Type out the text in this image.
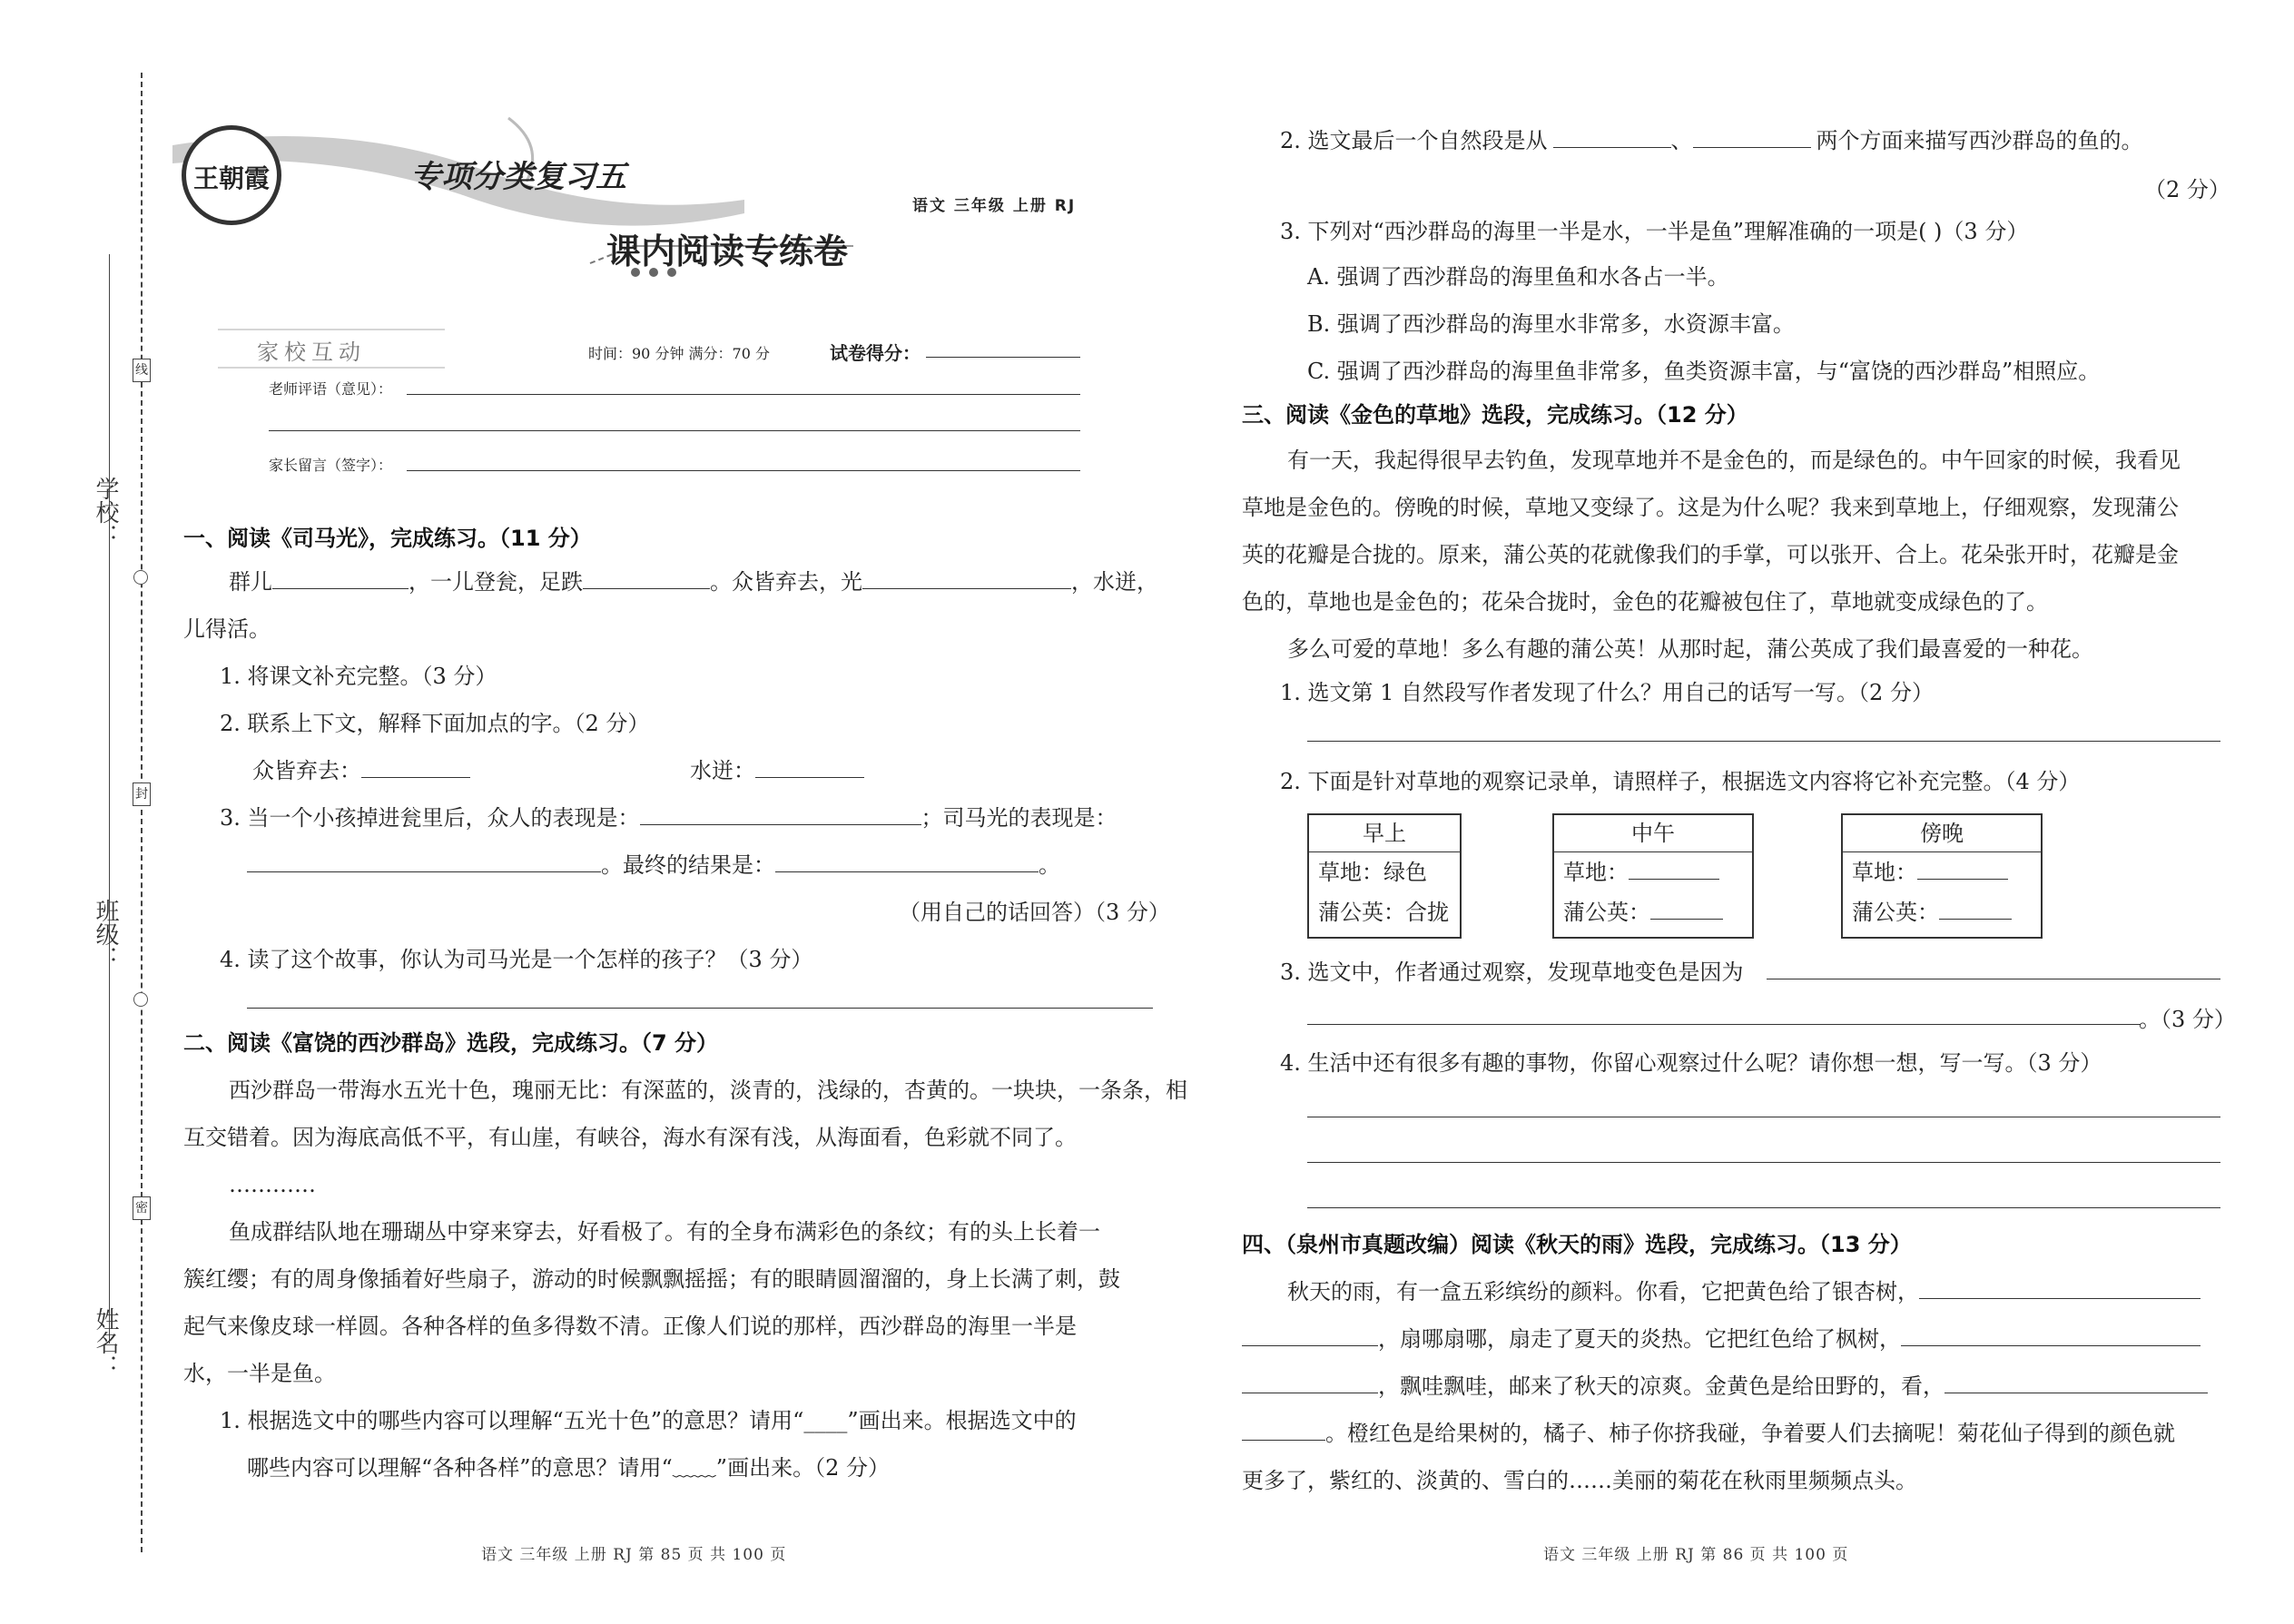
学校：
班级：
姓名：
线
封
密
王朝霞	专项分类复习五
语文 三年级 上册 RJ
课内阅读专练卷
家校互动	时间：90 分钟 满分：70 分	试卷得分：
老师评语（意见）：
家长留言（签字）：
一、阅读《司马光》，完成练习。（11 分）
群儿	，一儿登瓮，足跌	。众皆弃去，光	，水迸，
儿得活。
1. 将课文补充完整。（3 分）
2. 联系上下文，解释下面加点的字。（2 分）
众皆弃去：	水迸：
3. 当一个小孩掉进瓮里后，众人的表现是：	；司马光的表现是：
。最终的结果是：	。
（用自己的话回答）（3 分）
4. 读了这个故事，你认为司马光是一个怎样的孩子？（3 分）
二、阅读《富饶的西沙群岛》选段，完成练习。（7 分）
西沙群岛一带海水五光十色，瑰丽无比：有深蓝的，淡青的，浅绿的，杏黄的。一块块，一条条，相
互交错着。因为海底高低不平，有山崖，有峡谷，海水有深有浅，从海面看，色彩就不同了。
…………
鱼成群结队地在珊瑚丛中穿来穿去，好看极了。有的全身布满彩色的条纹；有的头上长着一
簇红缨；有的周身像插着好些扇子，游动的时候飘飘摇摇；有的眼睛圆溜溜的，身上长满了刺，鼓
起气来像皮球一样圆。各种各样的鱼多得数不清。正像人们说的那样，西沙群岛的海里一半是
水，一半是鱼。
1. 根据选文中的哪些内容可以理解“五光十色”的意思？请用“____”画出来。根据选文中的
哪些内容可以理解“各种各样”的意思？请用“﹏﹏”画出来。（2 分）
语文 三年级 上册 RJ 第 85 页 共 100 页
2. 选文最后一个自然段是从	、	两个方面来描写西沙群岛的鱼的。
（2 分）
3. 下列对“西沙群岛的海里一半是水，一半是鱼”理解准确的一项是( )（3 分）
A. 强调了西沙群岛的海里鱼和水各占一半。
B. 强调了西沙群岛的海里水非常多，水资源丰富。
C. 强调了西沙群岛的海里鱼非常多，鱼类资源丰富，与“富饶的西沙群岛”相照应。
三、阅读《金色的草地》选段，完成练习。（12 分）
有一天，我起得很早去钓鱼，发现草地并不是金色的，而是绿色的。中午回家的时候，我看见
草地是金色的。傍晚的时候，草地又变绿了。这是为什么呢？我来到草地上，仔细观察，发现蒲公
英的花瓣是合拢的。原来，蒲公英的花就像我们的手掌，可以张开、合上。花朵张开时，花瓣是金
色的，草地也是金色的；花朵合拢时，金色的花瓣被包住了，草地就变成绿色的了。
多么可爱的草地！多么有趣的蒲公英！从那时起，蒲公英成了我们最喜爱的一种花。
1. 选文第 1 自然段写作者发现了什么？用自己的话写一写。（2 分）
2. 下面是针对草地的观察记录单，请照样子，根据选文内容将它补充完整。（4 分）
早上
草地：绿色
蒲公英：合拢
中午
草地：
蒲公英：
傍晚
草地：
蒲公英：
3. 选文中，作者通过观察，发现草地变色是因为
。（3 分）
4. 生活中还有很多有趣的事物，你留心观察过什么呢？请你想一想，写一写。（3 分）
四、（泉州市真题改编）阅读《秋天的雨》选段，完成练习。（13 分）
秋天的雨，有一盒五彩缤纷的颜料。你看，它把黄色给了银杏树，
，扇哪扇哪，扇走了夏天的炎热。它把红色给了枫树，
，飘哇飘哇，邮来了秋天的凉爽。金黄色是给田野的，看，
。橙红色是给果树的，橘子、柿子你挤我碰，争着要人们去摘呢！菊花仙子得到的颜色就
更多了，紫红的、淡黄的、雪白的……美丽的菊花在秋雨里频频点头。
语文 三年级 上册 RJ 第 86 页 共 100 页
